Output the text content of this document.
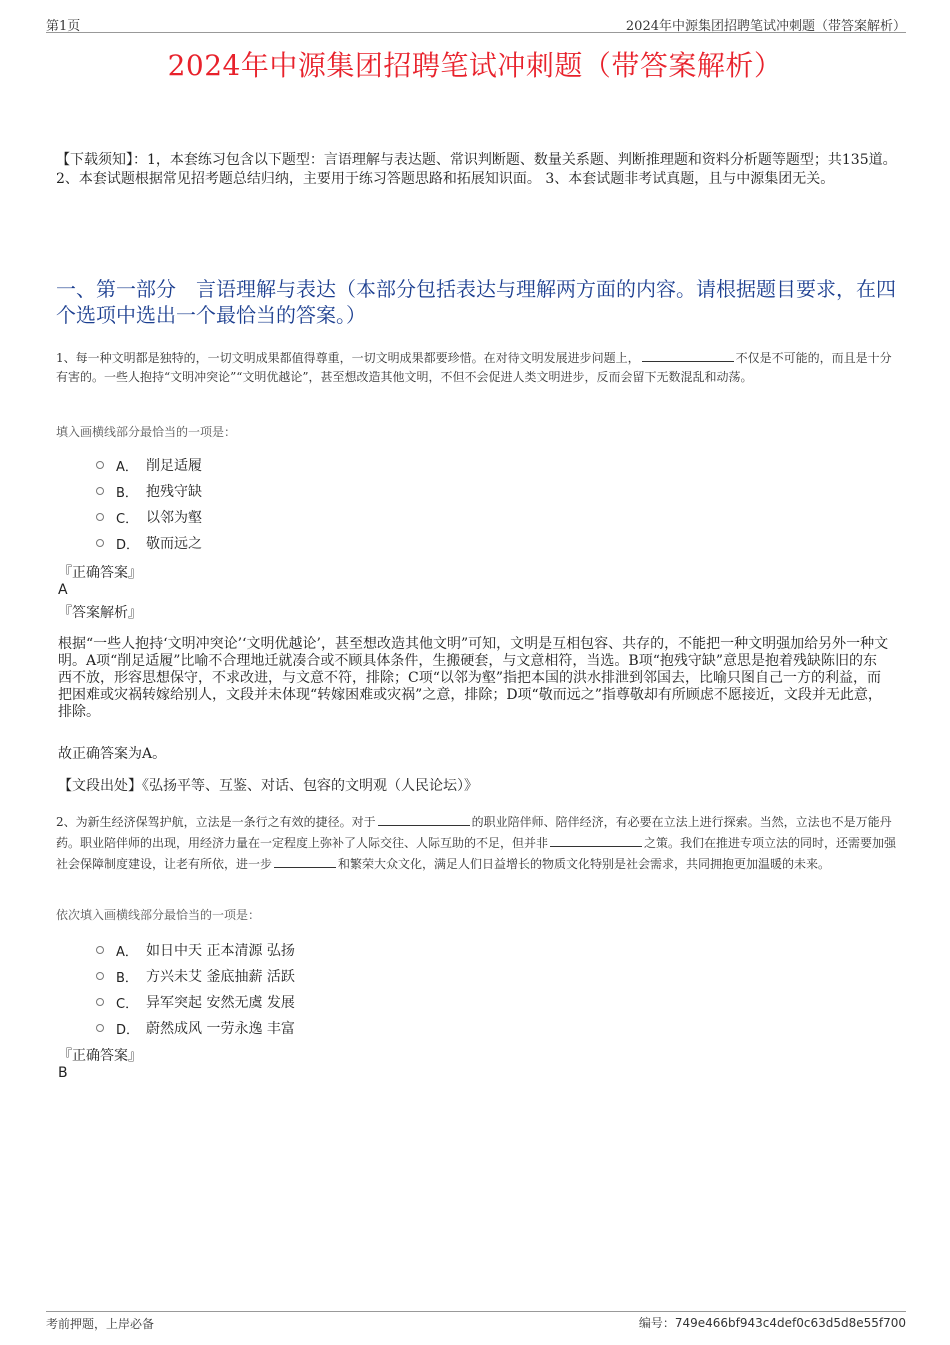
第1页	2024年中源集团招聘笔试冲刺题（带答案解析）
2024年中源集团招聘笔试冲刺题（带答案解析）
【下载须知】：1，本套练习包含以下题型：言语理解与表达题、常识判断题、数量关系题、判断推理题和资料分析题等题型；共135道。 2、本套试题根据常见招考题总结归纳，主要用于练习答题思路和拓展知识面。 3、本套试题非考试真题，且与中源集团无关。
一、第一部分　言语理解与表达（本部分包括表达与理解两方面的内容。请根据题目要求，在四个选项中选出一个最恰当的答案。）
1、每一种文明都是独特的，一切文明成果都值得尊重，一切文明成果都要珍惜。在对待文明发展进步问题上，	不仅是不可能的，而且是十分有害的。一些人抱持“文明冲突论”“文明优越论”，甚至想改造其他文明，不但不会促进人类文明进步，反而会留下无数混乱和动荡。
填入画横线部分最恰当的一项是：
A． 削足适履
B． 抱残守缺
C． 以邻为壑
D． 敬而远之
『正确答案』
A
『答案解析』
根据“一些人抱持‘文明冲突论’‘文明优越论’，甚至想改造其他文明”可知，文明是互相包容、共存的，不能把一种文明强加给另外一种文明。A项“削足适履”比喻不合理地迁就凑合或不顾具体条件，生搬硬套，与文意相符，当选。B项“抱残守缺”意思是抱着残缺陈旧的东西不放，形容思想保守，不求改进，与文意不符，排除；C项“以邻为壑”指把本国的洪水排泄到邻国去，比喻只图自己一方的利益，而把困难或灾祸转嫁给别人，文段并未体现“转嫁困难或灾祸”之意，排除；D项“敬而远之”指尊敬却有所顾虑不愿接近，文段并无此意，排除。
故正确答案为A。
【文段出处】《弘扬平等、互鉴、对话、包容的文明观（人民论坛）》
2、为新生经济保驾护航，立法是一条行之有效的捷径。对于	的职业陪伴师、陪伴经济，有必要在立法上进行探索。当然，立法也不是万能丹药。职业陪伴师的出现，用经济力量在一定程度上弥补了人际交往、人际互助的不足，但并非	之策。我们在推进专项立法的同时，还需要加强社会保障制度建设，让老有所依，进一步	和繁荣大众文化，满足人们日益增长的物质文化特别是社会需求，共同拥抱更加温暖的未来。
依次填入画横线部分最恰当的一项是：
A． 如日中天 正本清源 弘扬
B． 方兴未艾 釜底抽薪 活跃
C． 异军突起 安然无虞 发展
D． 蔚然成风 一劳永逸 丰富
『正确答案』
B
考前押题，上岸必备	编号：749e466bf943c4def0c63d5d8e55f700
